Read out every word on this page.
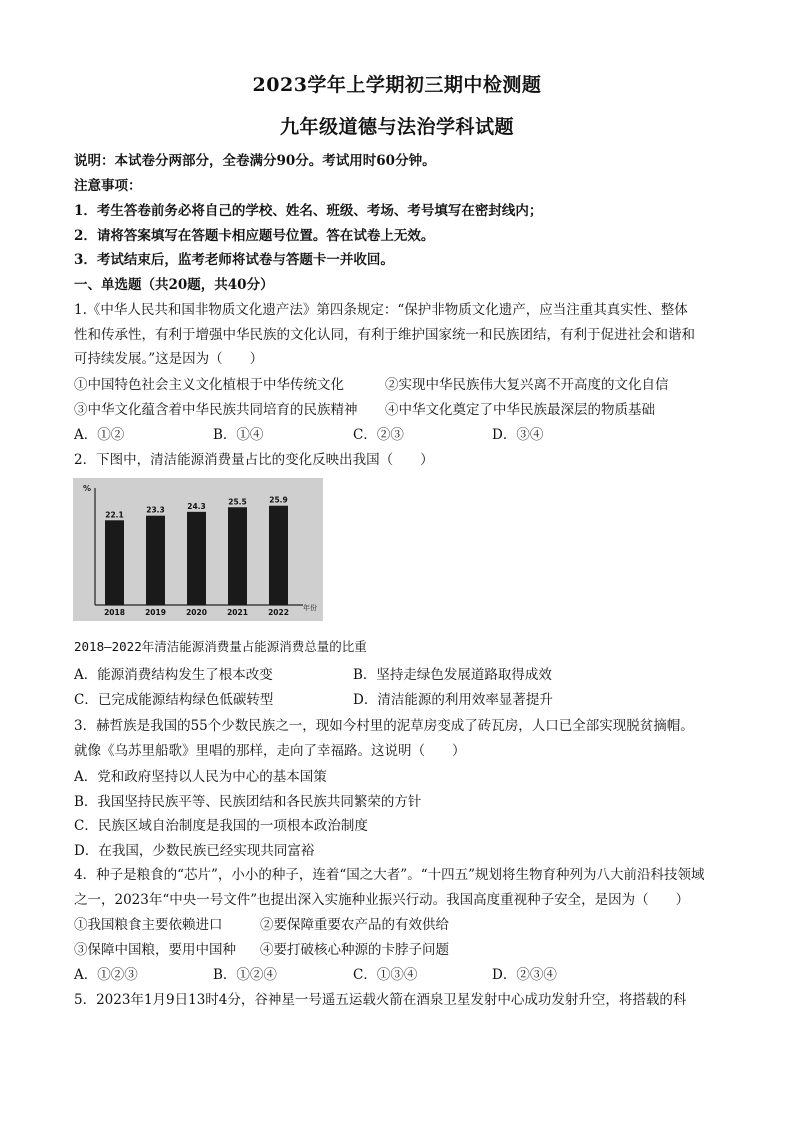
2023学年上学期初三期中检测题
九年级道德与法治学科试题
说明：本试卷分两部分，全卷满分90分。考试用时60分钟。
注意事项：
1．考生答卷前务必将自己的学校、姓名、班级、考场、考号填写在密封线内；
2．请将答案填写在答题卡相应题号位置。答在试卷上无效。
3．考试结束后，监考老师将试卷与答题卡一并收回。
一、单选题（共20题，共40分）
1.《中华人民共和国非物质文化遗产法》第四条规定：“保护非物质文化遗产，应当注重其真实性、整体
性和传承性，有利于增强中华民族的文化认同，有利于维护国家统一和民族团结，有利于促进社会和谐和
可持续发展。”这是因为（　　）
①中国特色社会主义文化植根于中华传统文化	②实现中华民族伟大复兴离不开高度的文化自信
③中华文化蕴含着中华民族共同培育的民族精神 ④中华文化奠定了中华民族最深层的物质基础
A．①②	B．①④	C．②③	D．③④
2．下图中，清洁能源消费量占比的变化反映出我国（　　）
%
年份
22.1
2018
23.3
2019
24.3
2020
25.5
2021
25.9
2022
2018—2022年清洁能源消费量占能源消费总量的比重
A．能源消费结构发生了根本改变	B．坚持走绿色发展道路取得成效
C．已完成能源结构绿色低碳转型	D．清洁能源的利用效率显著提升
3．赫哲族是我国的55个少数民族之一，现如今村里的泥草房变成了砖瓦房，人口已全部实现脱贫摘帽。
就像《乌苏里船歌》里唱的那样，走向了幸福路。这说明（　　）
A．党和政府坚持以人民为中心的基本国策
B．我国坚持民族平等、民族团结和各民族共同繁荣的方针
C．民族区域自治制度是我国的一项根本政治制度
D．在我国，少数民族已经实现共同富裕
4．种子是粮食的“芯片”，小小的种子，连着“国之大者”。“十四五”规划将生物育种列为八大前沿科技领域
之一，2023年“中央一号文件”也提出深入实施种业振兴行动。我国高度重视种子安全，是因为（　　）
①我国粮食主要依赖进口	②要保障重要农产品的有效供给
③保障中国粮，要用中国种 ④要打破核心种源的卡脖子问题
A．①②③	B．①②④	C．①③④	D．②③④
5．2023年1月9日13时4分，谷神星一号遥五运载火箭在酒泉卫星发射中心成功发射升空，将搭载的科
